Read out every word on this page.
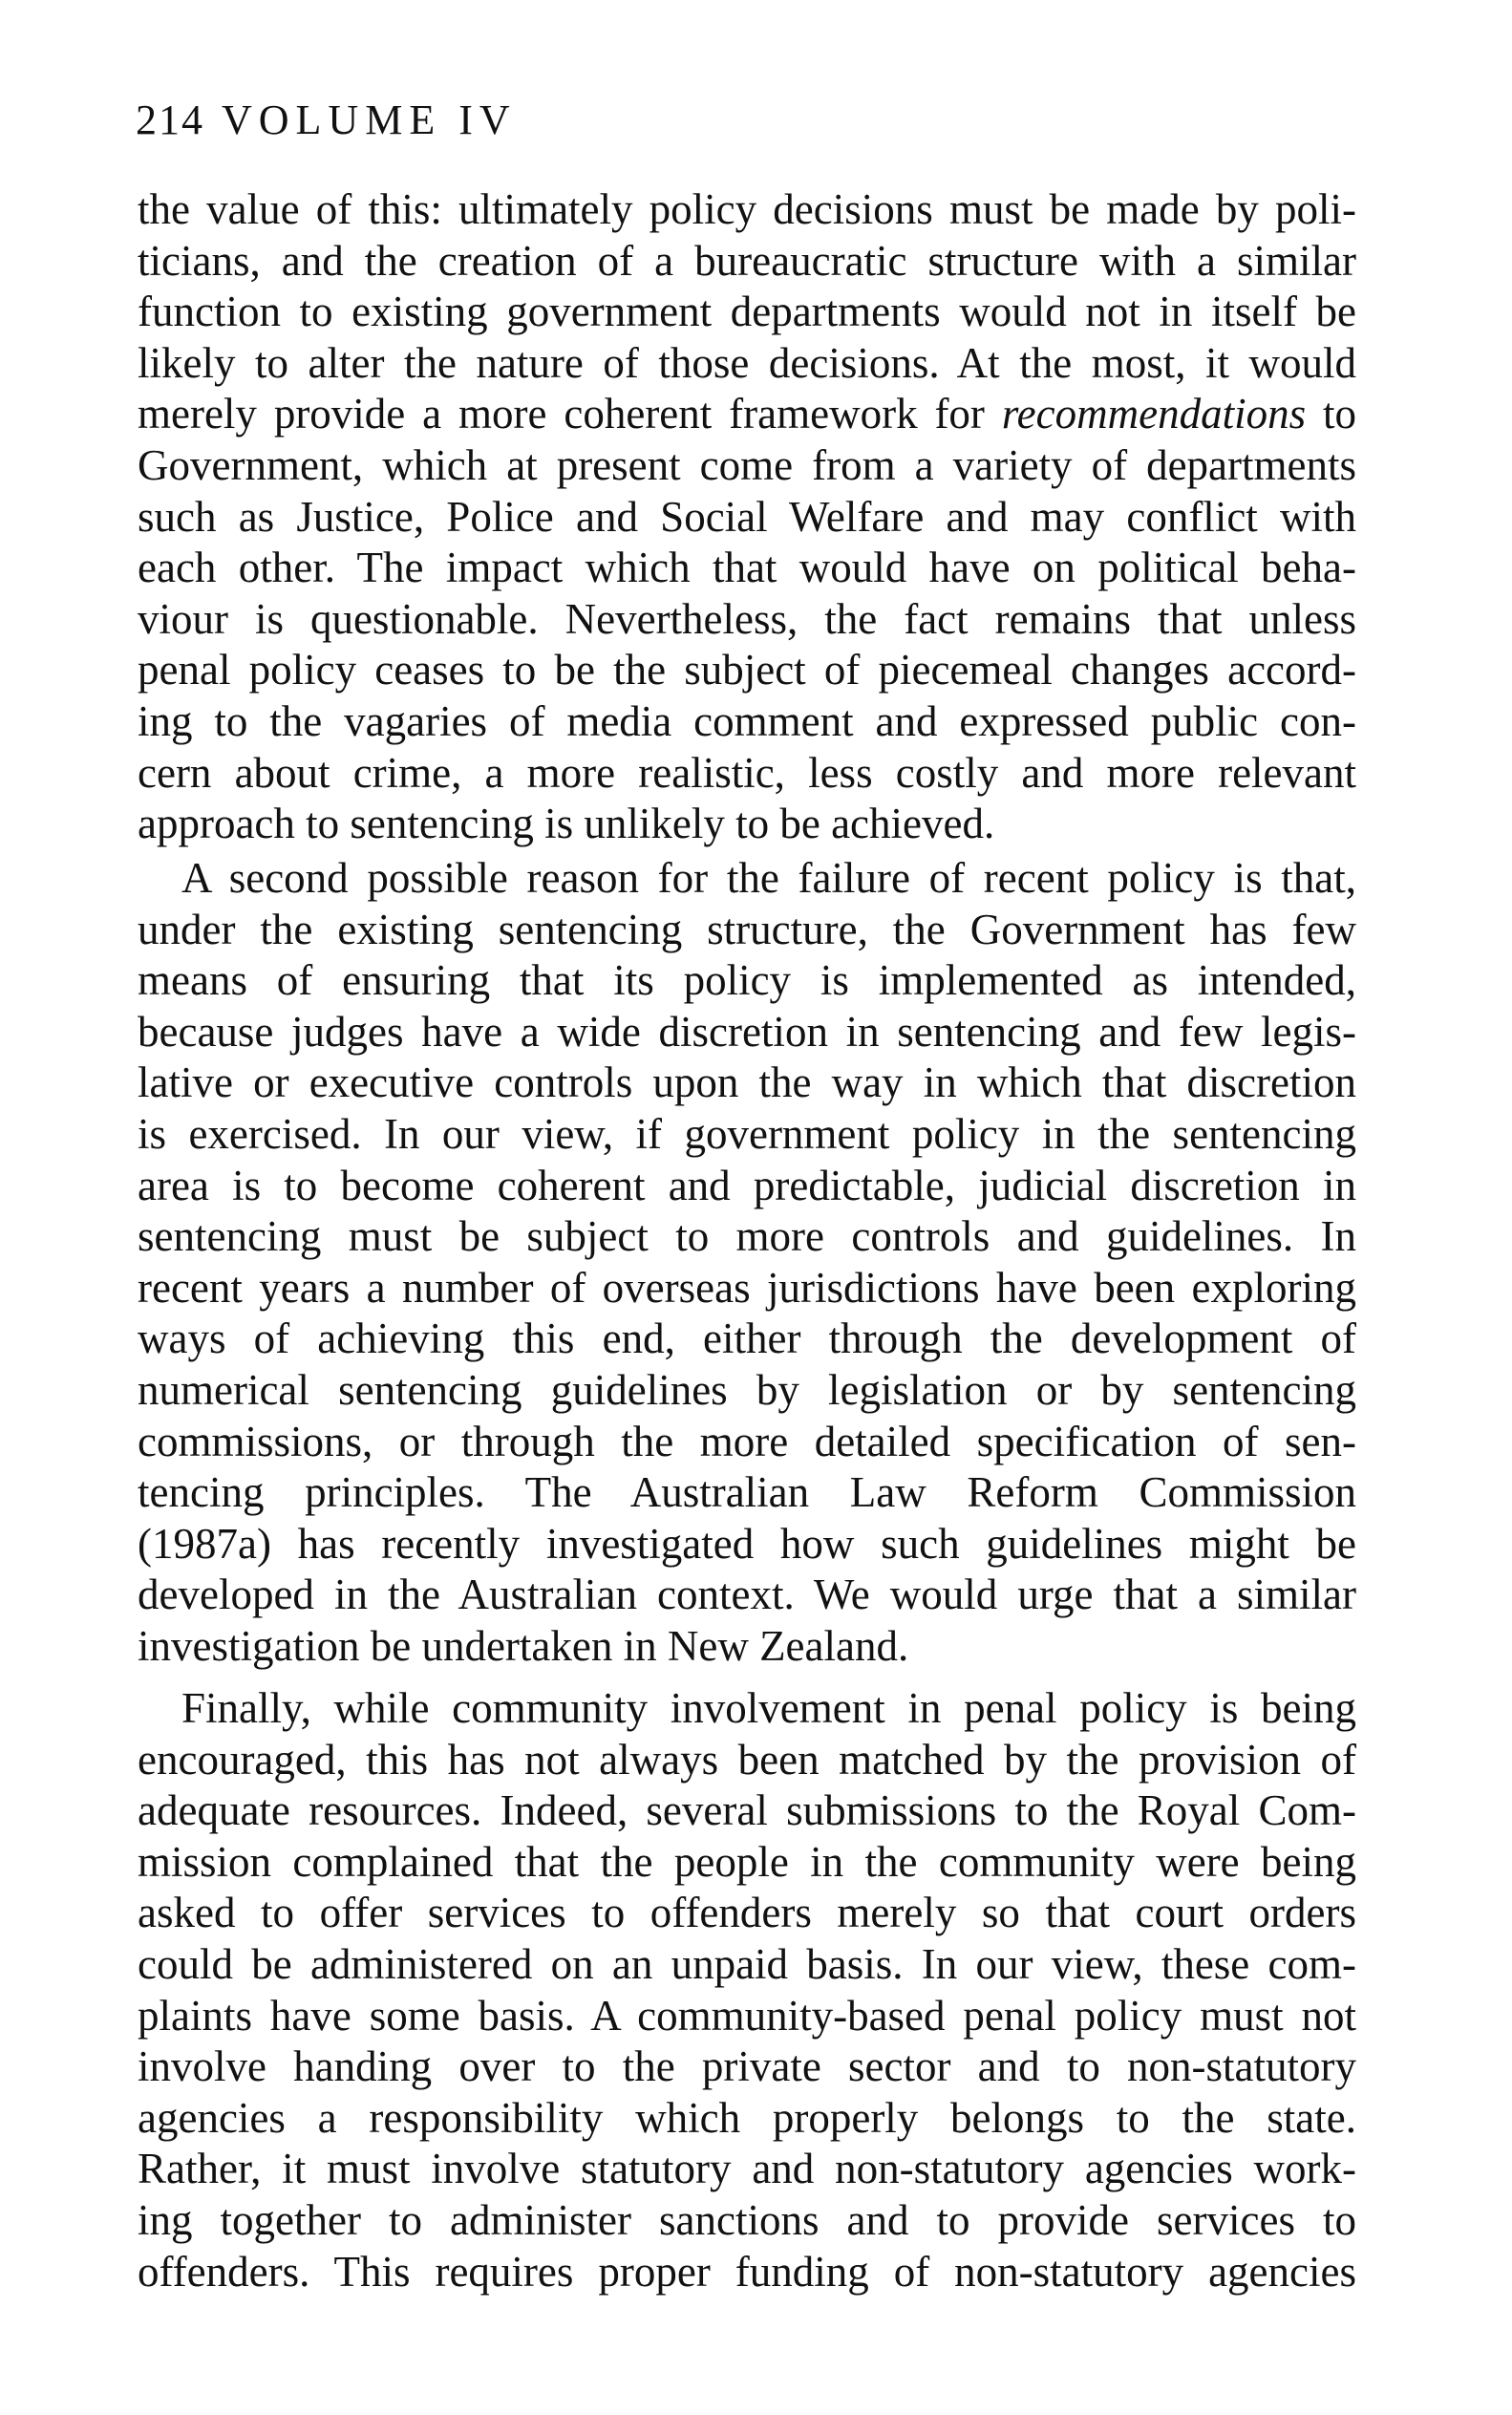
214 VOLUME IV
the value of this: ultimately policy decisions must be made by poli-
ticians, and the creation of a bureaucratic structure with a similar
function to existing government departments would not in itself be
likely to alter the nature of those decisions. At the most, it would
merely provide a more coherent framework for recommendations to
Government, which at present come from a variety of departments
such as Justice, Police and Social Welfare and may conflict with
each other. The impact which that would have on political beha-
viour is questionable. Nevertheless, the fact remains that unless
penal policy ceases to be the subject of piecemeal changes accord-
ing to the vagaries of media comment and expressed public con-
cern about crime, a more realistic, less costly and more relevant
approach to sentencing is unlikely to be achieved.
A second possible reason for the failure of recent policy is that,
under the existing sentencing structure, the Government has few
means of ensuring that its policy is implemented as intended,
because judges have a wide discretion in sentencing and few legis-
lative or executive controls upon the way in which that discretion
is exercised. In our view, if government policy in the sentencing
area is to become coherent and predictable, judicial discretion in
sentencing must be subject to more controls and guidelines. In
recent years a number of overseas jurisdictions have been exploring
ways of achieving this end, either through the development of
numerical sentencing guidelines by legislation or by sentencing
commissions, or through the more detailed specification of sen-
tencing principles. The Australian Law Reform Commission
(1987a) has recently investigated how such guidelines might be
developed in the Australian context. We would urge that a similar
investigation be undertaken in New Zealand.
Finally, while community involvement in penal policy is being
encouraged, this has not always been matched by the provision of
adequate resources. Indeed, several submissions to the Royal Com-
mission complained that the people in the community were being
asked to offer services to offenders merely so that court orders
could be administered on an unpaid basis. In our view, these com-
plaints have some basis. A community-based penal policy must not
involve handing over to the private sector and to non-statutory
agencies a responsibility which properly belongs to the state.
Rather, it must involve statutory and non-statutory agencies work-
ing together to administer sanctions and to provide services to
offenders. This requires proper funding of non-statutory agencies
